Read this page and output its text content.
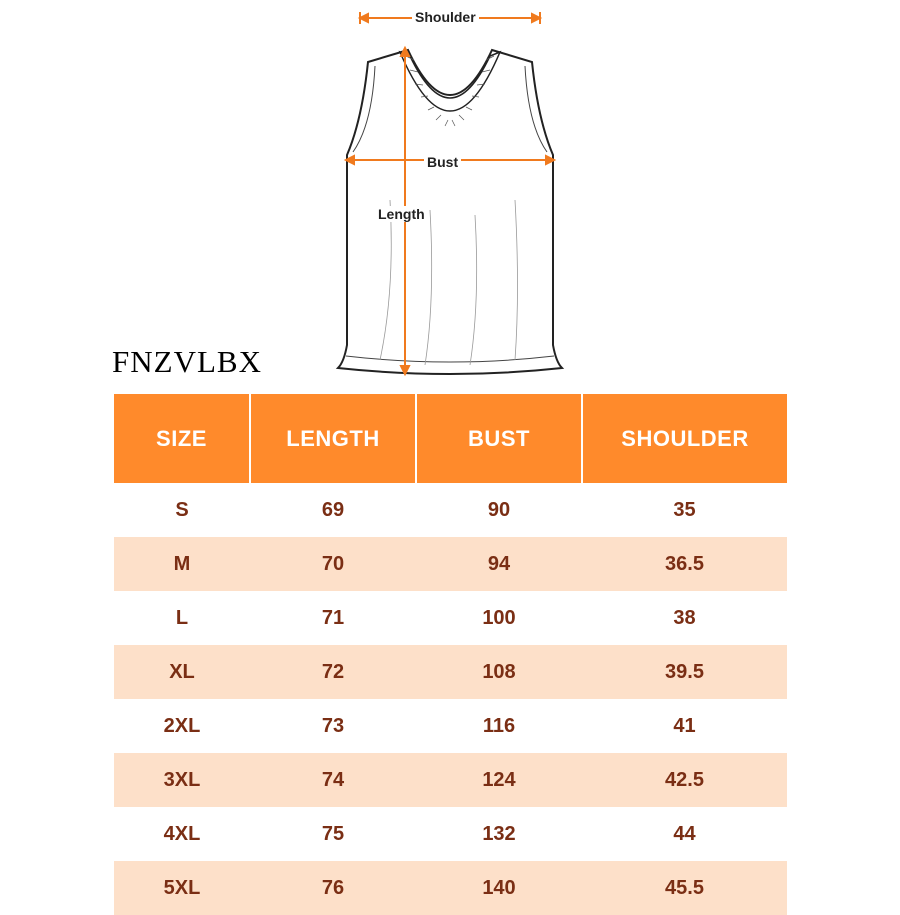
Shoulder
Bust
Length
FNZVLBX
SIZE	LENGTH	BUST	SHOULDER
S	69	90	35
M	70	94	36.5
L	71	100	38
XL	72	108	39.5
2XL	73	116	41
3XL	74	124	42.5
4XL	75	132	44
5XL	76	140	45.5
